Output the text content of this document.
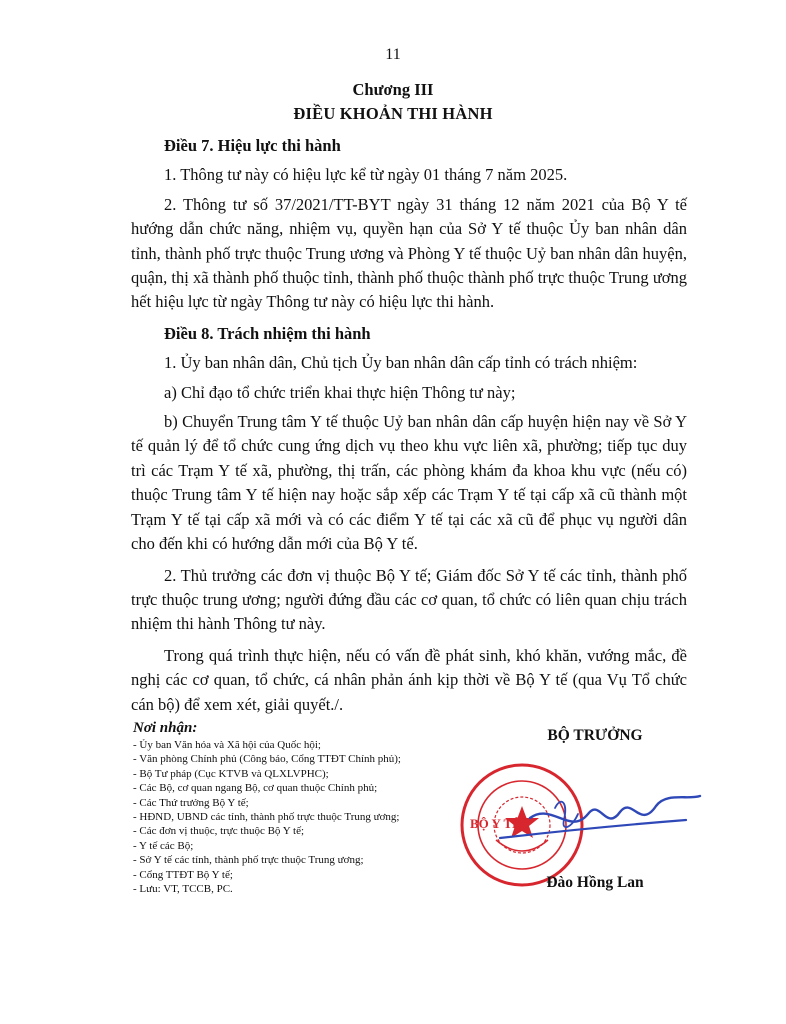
11
Chương III
ĐIỀU KHOẢN THI HÀNH

Điều 7. Hiệu lực thi hành

1. Thông tư này có hiệu lực kể từ ngày 01 tháng 7 năm 2025.

2. Thông tư số 37/2021/TT-BYT ngày 31 tháng 12 năm 2021 của Bộ Y tế hướng dẫn chức năng, nhiệm vụ, quyền hạn của Sở Y tế thuộc Ủy ban nhân dân tỉnh, thành phố trực thuộc Trung ương và Phòng Y tế thuộc Uỷ ban nhân dân huyện, quận, thị xã thành phố thuộc tỉnh, thành phố thuộc thành phố trực thuộc Trung ương hết hiệu lực từ ngày Thông tư này có hiệu lực thi hành.

Điều 8. Trách nhiệm thi hành

1. Ủy ban nhân dân, Chủ tịch Ủy ban nhân dân cấp tỉnh có trách nhiệm:

a) Chỉ đạo tổ chức triển khai thực hiện Thông tư này;

b) Chuyển Trung tâm Y tế thuộc Uỷ ban nhân dân cấp huyện hiện nay về Sở Y tế quản lý để tổ chức cung ứng dịch vụ theo khu vực liên xã, phường; tiếp tục duy trì các Trạm Y tế xã, phường, thị trấn, các phòng khám đa khoa khu vực (nếu có) thuộc Trung tâm Y tế hiện nay hoặc sắp xếp các Trạm Y tế tại cấp xã cũ thành một Trạm Y tế tại cấp xã mới và có các điểm Y tế tại các xã cũ để phục vụ người dân cho đến khi có hướng dẫn mới của Bộ Y tế.

2. Thủ trưởng các đơn vị thuộc Bộ Y tế; Giám đốc Sở Y tế các tỉnh, thành phố trực thuộc trung ương; người đứng đầu các cơ quan, tổ chức có liên quan chịu trách nhiệm thi hành Thông tư này.

Trong quá trình thực hiện, nếu có vấn đề phát sinh, khó khăn, vướng mắc, đề nghị các cơ quan, tổ chức, cá nhân phản ánh kịp thời về Bộ Y tế (qua Vụ Tổ chức cán bộ) để xem xét, giải quyết./.

Nơi nhận:
- Ủy ban Văn hóa và Xã hội của Quốc hội;
- Văn phòng Chính phủ (Công báo, Cổng TTĐT Chính phủ);
- Bộ Tư pháp (Cục KTVB và QLXLVPHC);
- Các Bộ, cơ quan ngang Bộ, cơ quan thuộc Chính phủ;
- Các Thứ trưởng Bộ Y tế;
- HĐND, UBND các tỉnh, thành phố trực thuộc Trung ương;
- Các đơn vị thuộc, trực thuộc Bộ Y tế;
- Y tế các Bộ;
- Sở Y tế các tỉnh, thành phố trực thuộc Trung ương;
- Cổng TTĐT Bộ Y tế;
- Lưu: VT, TCCB, PC.
BỘ TRƯỞNG
BỘ Y TẾ
Đào Hồng Lan
